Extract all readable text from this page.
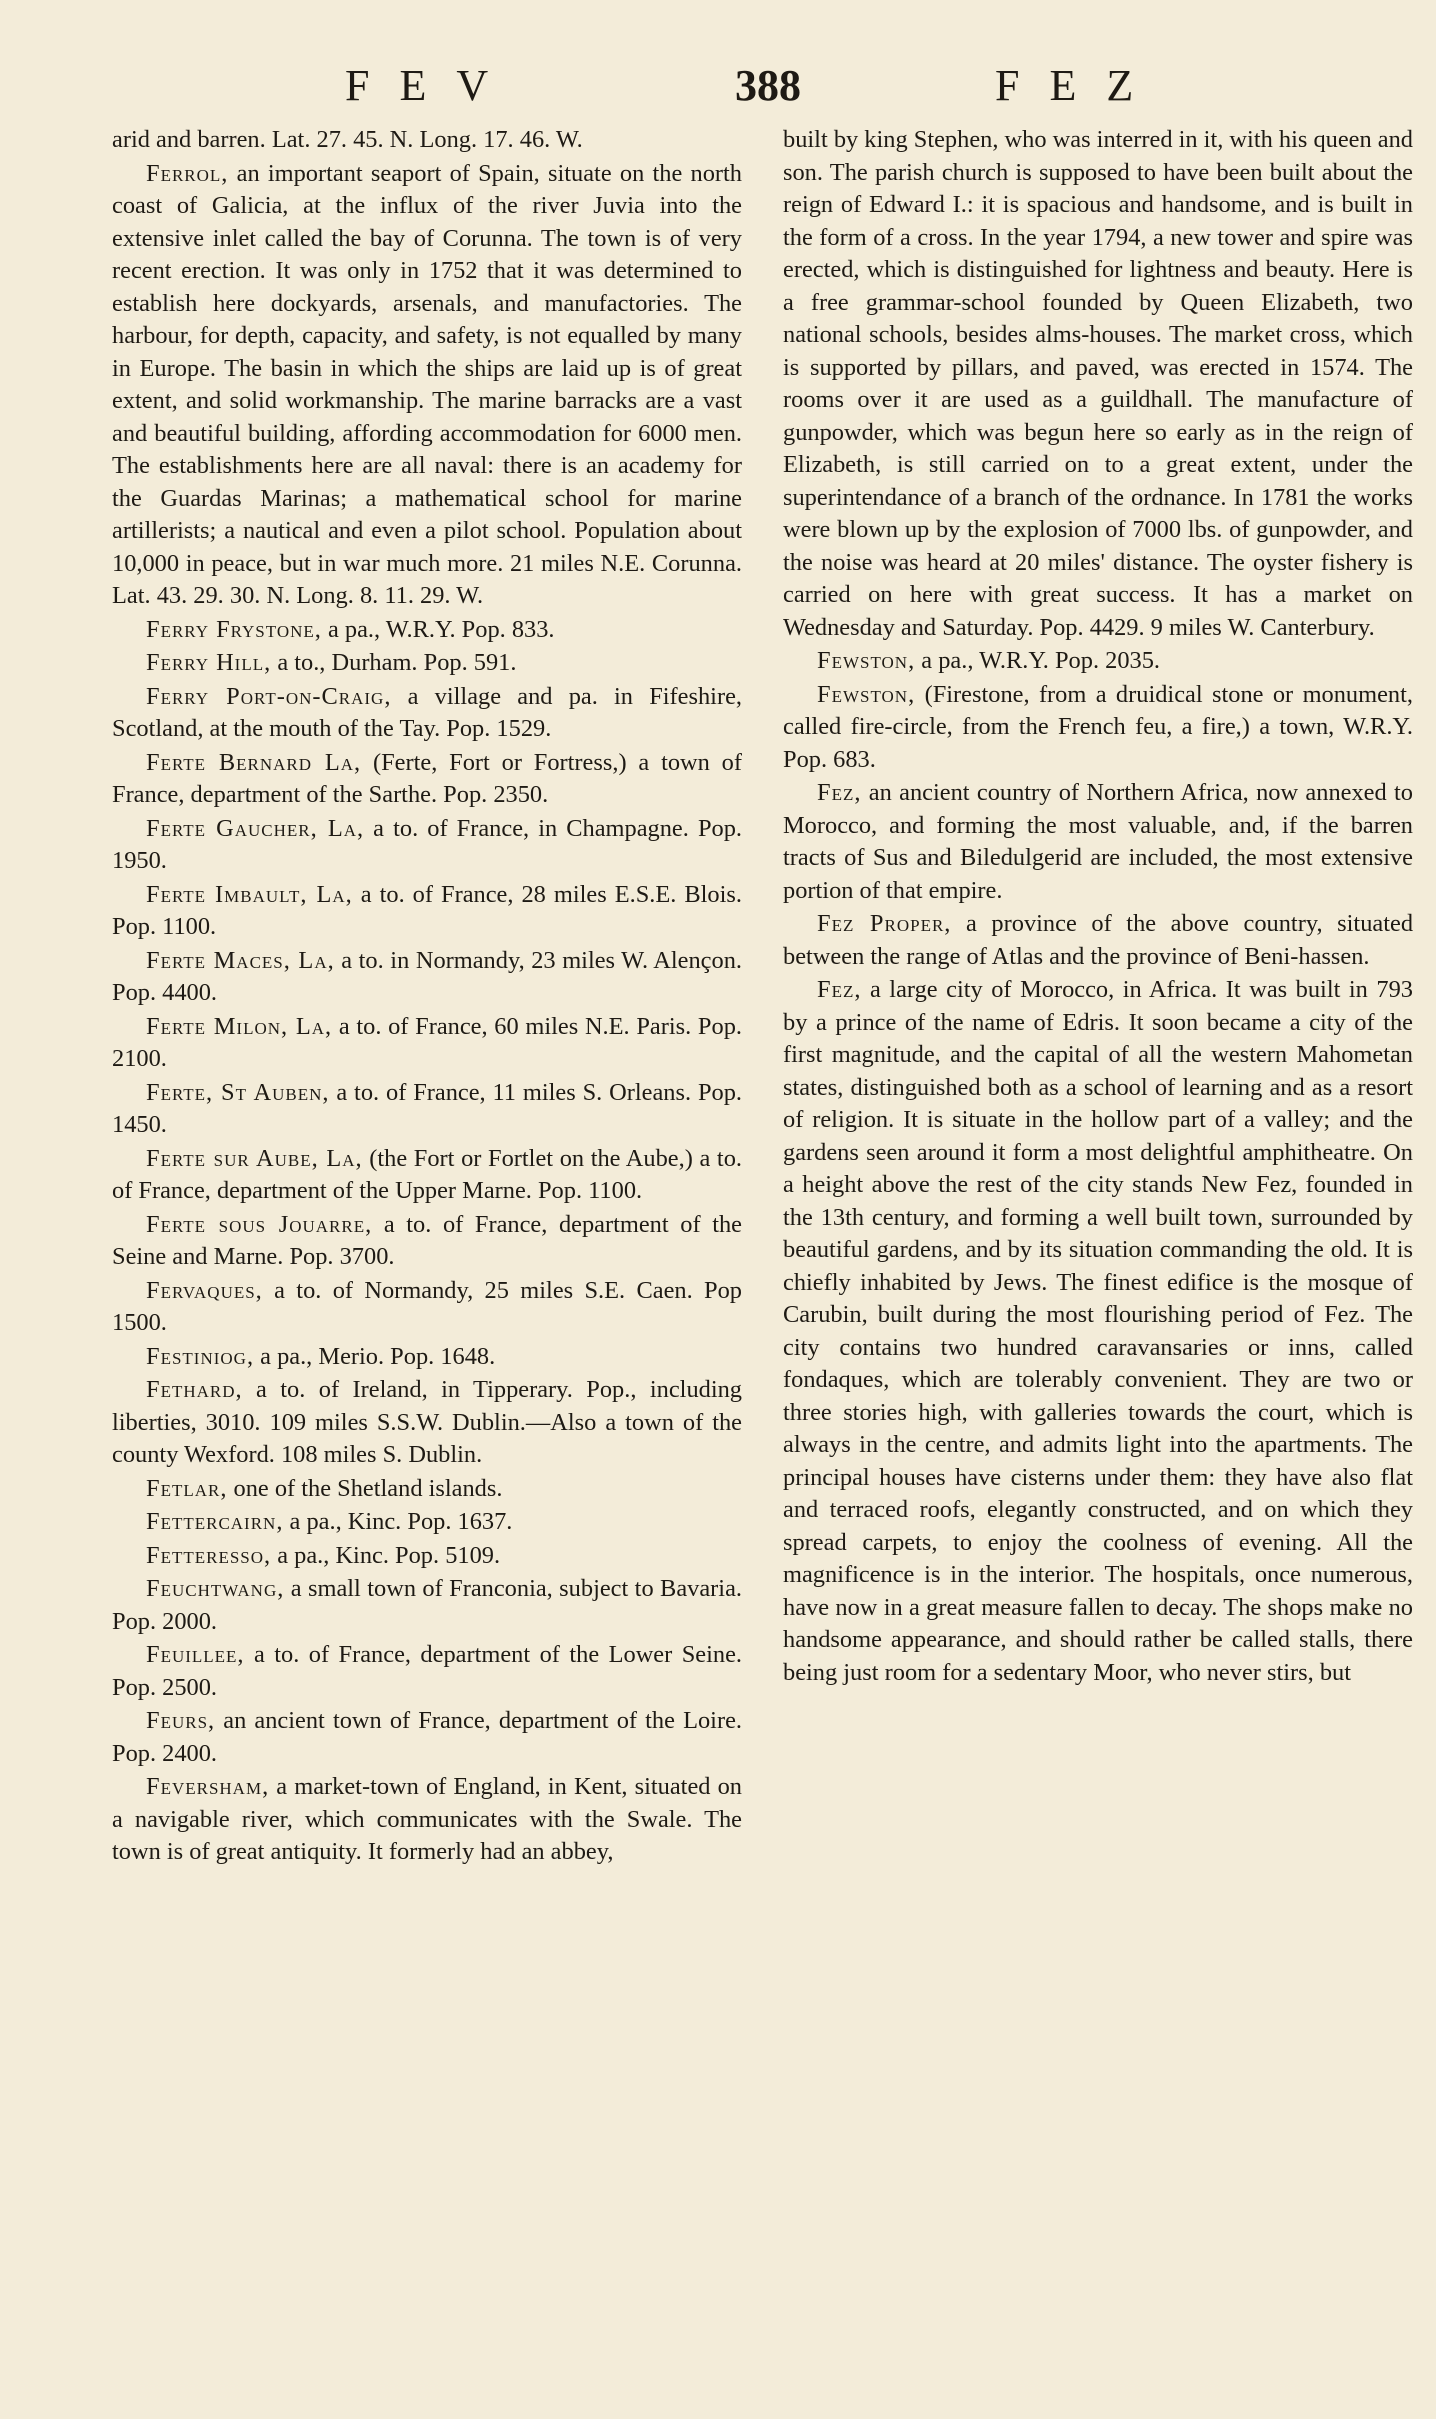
FEV	388	FEZ

arid and barren. Lat. 27. 45. N. Long. 17. 46. W.

Ferrol, an important seaport of Spain, situate on the north coast of Galicia, at the influx of the river Juvia into the extensive inlet called the bay of Corunna. The town is of very recent erection. It was only in 1752 that it was determined to establish here dockyards, arsenals, and manufactories. The harbour, for depth, capacity, and safety, is not equalled by many in Europe. The basin in which the ships are laid up is of great extent, and solid workmanship. The marine barracks are a vast and beautiful building, affording accommodation for 6000 men. The establishments here are all naval: there is an academy for the Guardas Marinas; a mathematical school for marine artillerists; a nautical and even a pilot school. Population about 10,000 in peace, but in war much more. 21 miles N.E. Corunna. Lat. 43. 29. 30. N. Long. 8. 11. 29. W.

Ferry Frystone, a pa., W.R.Y. Pop. 833.

Ferry Hill, a to., Durham. Pop. 591.

Ferry Port-on-Craig, a village and pa. in Fifeshire, Scotland, at the mouth of the Tay. Pop. 1529.

Ferte Bernard La, (Ferte, Fort or Fortress,) a town of France, department of the Sarthe. Pop. 2350.

Ferte Gaucher, La, a to. of France, in Champagne. Pop. 1950.

Ferte Imbault, La, a to. of France, 28 miles E.S.E. Blois. Pop. 1100.

Ferte Maces, La, a to. in Normandy, 23 miles W. Alençon. Pop. 4400.

Ferte Milon, La, a to. of France, 60 miles N.E. Paris. Pop. 2100.

Ferte, St Auben, a to. of France, 11 miles S. Orleans. Pop. 1450.

Ferte sur Aube, La, (the Fort or Fortlet on the Aube,) a to. of France, department of the Upper Marne. Pop. 1100.

Ferte sous Jouarre, a to. of France, department of the Seine and Marne. Pop. 3700.

Fervaques, a to. of Normandy, 25 miles S.E. Caen. Pop 1500.

Festiniog, a pa., Merio. Pop. 1648.

Fethard, a to. of Ireland, in Tipperary. Pop., including liberties, 3010. 109 miles S.S.W. Dublin.—Also a town of the county Wexford. 108 miles S. Dublin.

Fetlar, one of the Shetland islands.

Fettercairn, a pa., Kinc. Pop. 1637.

Fetteresso, a pa., Kinc. Pop. 5109.

Feuchtwang, a small town of Franconia, subject to Bavaria. Pop. 2000.

Feuillee, a to. of France, department of the Lower Seine. Pop. 2500.

Feurs, an ancient town of France, department of the Loire. Pop. 2400.

Feversham, a market-town of England, in Kent, situated on a navigable river, which communicates with the Swale. The town is of great antiquity. It formerly had an abbey,

built by king Stephen, who was interred in it, with his queen and son. The parish church is supposed to have been built about the reign of Edward I.: it is spacious and handsome, and is built in the form of a cross. In the year 1794, a new tower and spire was erected, which is distinguished for lightness and beauty. Here is a free grammar-school founded by Queen Elizabeth, two national schools, besides alms-houses. The market cross, which is supported by pillars, and paved, was erected in 1574. The rooms over it are used as a guildhall. The manufacture of gunpowder, which was begun here so early as in the reign of Elizabeth, is still carried on to a great extent, under the superintendance of a branch of the ordnance. In 1781 the works were blown up by the explosion of 7000 lbs. of gunpowder, and the noise was heard at 20 miles' distance. The oyster fishery is carried on here with great success. It has a market on Wednesday and Saturday. Pop. 4429. 9 miles W. Canterbury.

Fewston, a pa., W.R.Y. Pop. 2035.

Fewston, (Firestone, from a druidical stone or monument, called fire-circle, from the French feu, a fire,) a town, W.R.Y. Pop. 683.

Fez, an ancient country of Northern Africa, now annexed to Morocco, and forming the most valuable, and, if the barren tracts of Sus and Biledulgerid are included, the most extensive portion of that empire.

Fez Proper, a province of the above country, situated between the range of Atlas and the province of Beni-hassen.

Fez, a large city of Morocco, in Africa. It was built in 793 by a prince of the name of Edris. It soon became a city of the first magnitude, and the capital of all the western Mahometan states, distinguished both as a school of learning and as a resort of religion. It is situate in the hollow part of a valley; and the gardens seen around it form a most delightful amphitheatre. On a height above the rest of the city stands New Fez, founded in the 13th century, and forming a well built town, surrounded by beautiful gardens, and by its situation commanding the old. It is chiefly inhabited by Jews. The finest edifice is the mosque of Carubin, built during the most flourishing period of Fez. The city contains two hundred caravansaries or inns, called fondaques, which are tolerably convenient. They are two or three stories high, with galleries towards the court, which is always in the centre, and admits light into the apartments. The principal houses have cisterns under them: they have also flat and terraced roofs, elegantly constructed, and on which they spread carpets, to enjoy the coolness of evening. All the magnificence is in the interior. The hospitals, once numerous, have now in a great measure fallen to decay. The shops make no handsome appearance, and should rather be called stalls, there being just room for a sedentary Moor, who never stirs, but
